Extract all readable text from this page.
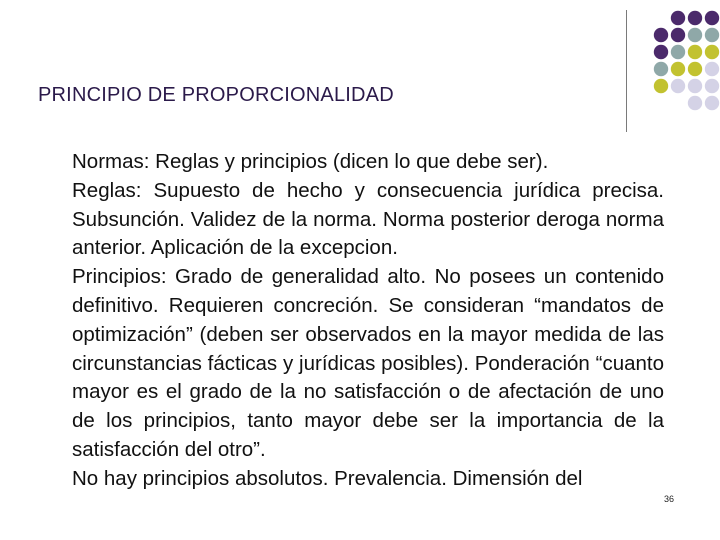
PRINCIPIO DE PROPORCIONALIDAD

Normas: Reglas y principios (dicen lo que debe ser).

Reglas: Supuesto de hecho y consecuencia jurídica precisa. Subsunción. Validez de la norma. Norma posterior deroga norma anterior. Aplicación de la excepcion.

Principios: Grado de generalidad alto. No posees un contenido definitivo. Requieren concreción. Se consideran “mandatos de optimización” (deben ser observados en la mayor medida de las circunstancias fácticas y jurídicas posibles). Ponderación “cuanto mayor es el grado de la no satisfacción o de afectación de uno de los principios, tanto mayor debe ser la importancia de la satisfacción del otro”.

No hay principios absolutos. Prevalencia. Dimensión del

36
